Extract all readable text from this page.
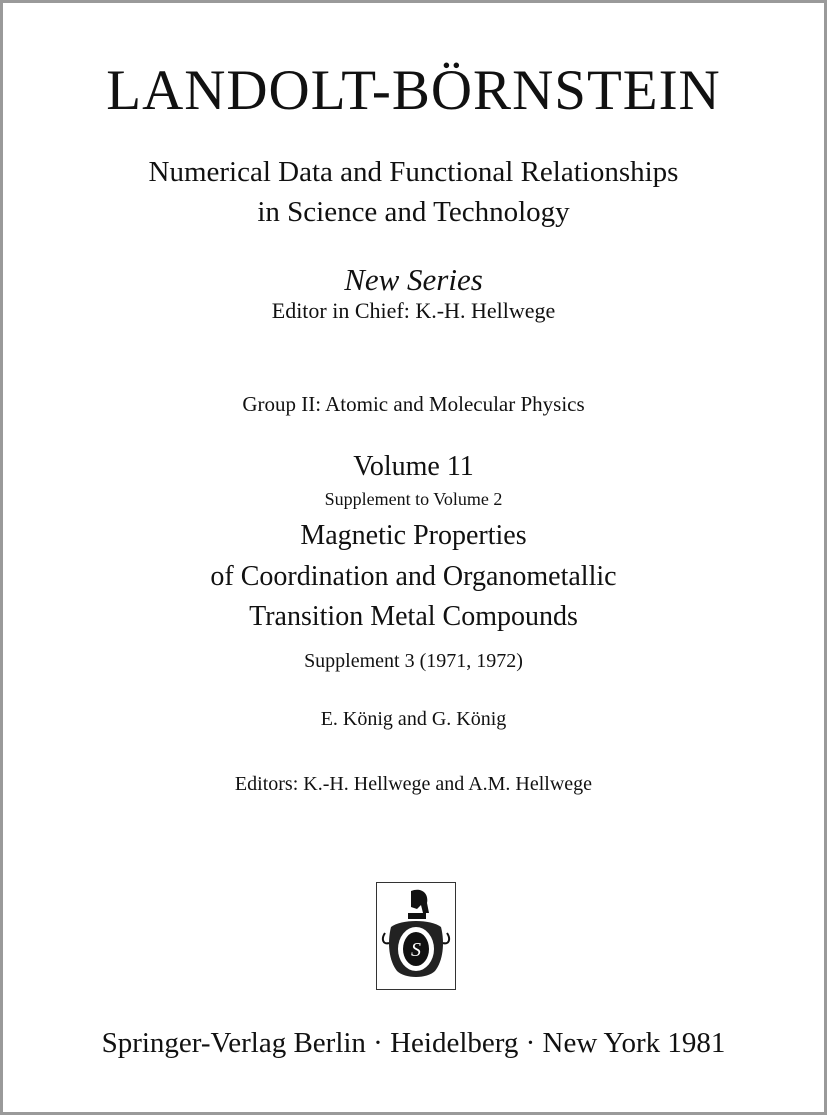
LANDOLT-BÖRNSTEIN
Numerical Data and Functional Relationships
in Science and Technology
New Series
Editor in Chief: K.-H. Hellwege
Group II: Atomic and Molecular Physics
Volume 11
Supplement to Volume 2
Magnetic Properties
of Coordination and Organometallic
Transition Metal Compounds
Supplement 3 (1971, 1972)
E. König and G. König
Editors: K.-H. Hellwege and A.M. Hellwege
S
Springer-Verlag Berlin · Heidelberg · New York 1981
